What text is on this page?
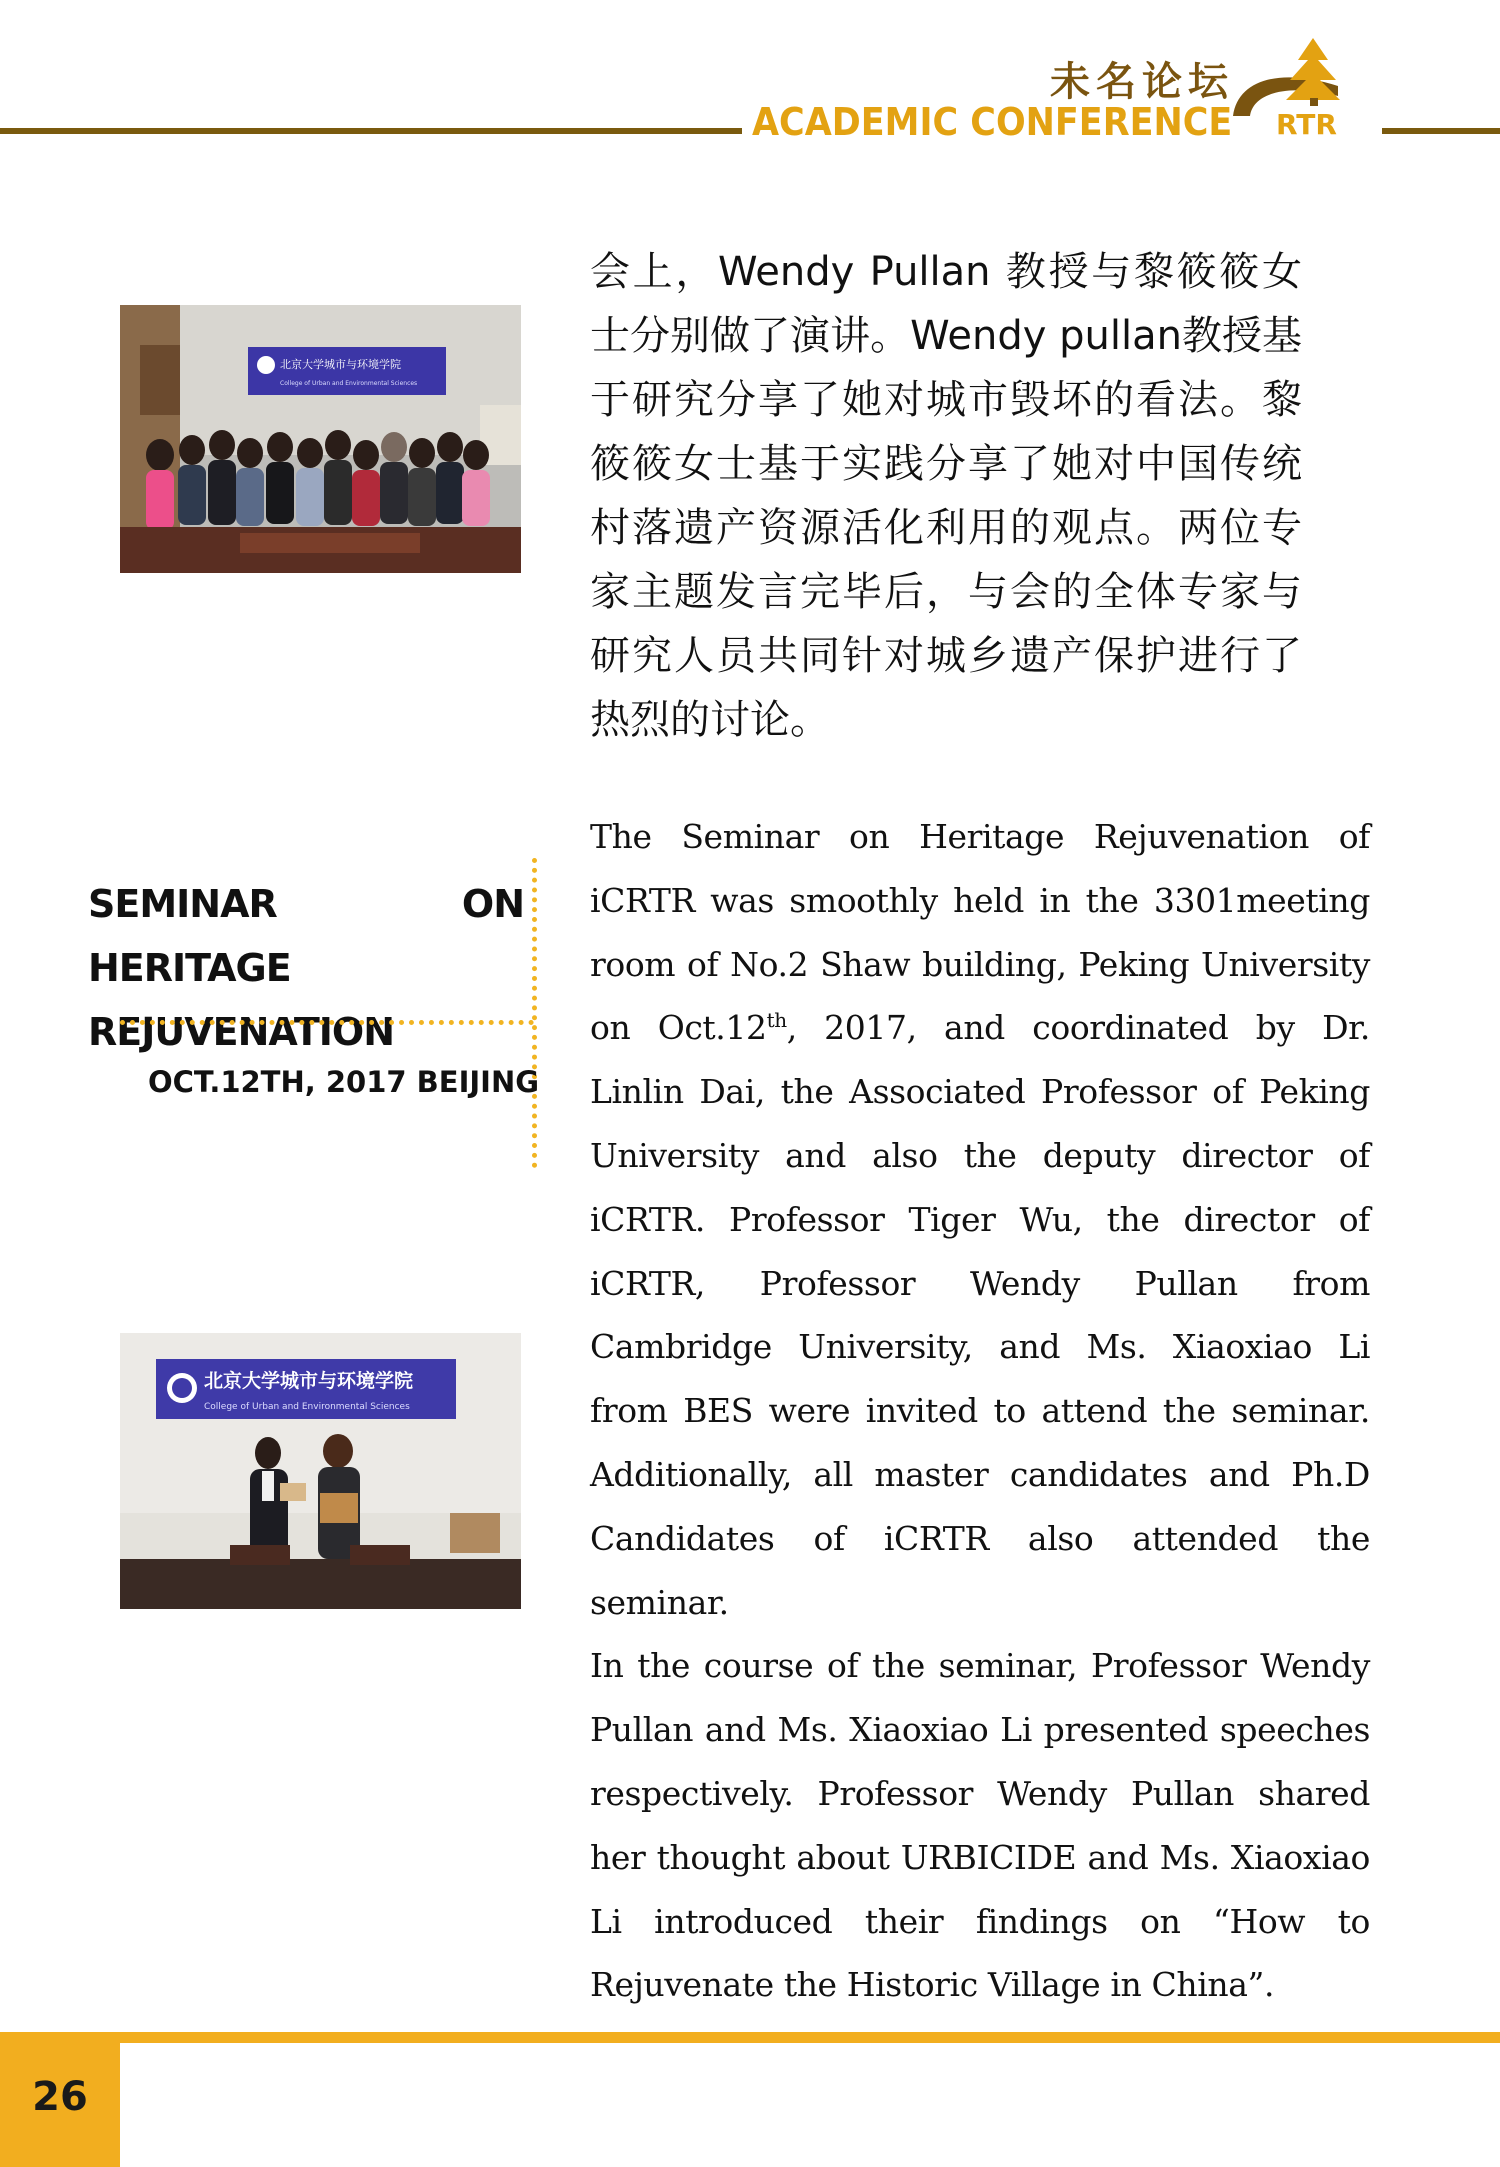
未名论坛
ACADEMIC CONFERENCE RTR
北京大学城市与环境学院
College of Urban and Environmental Sciences
会上，Wendy Pullan 教授与黎筱筱女士分别做了演讲。Wendy pullan教授基于研究分享了她对城市毁坏的看法。黎筱筱女士基于实践分享了她对中国传统村落遗产资源活化利用的观点。两位专家主题发言完毕后，与会的全体专家与研究人员共同针对城乡遗产保护进行了热烈的讨论。
SEMINAR ON HERITAGE
REJUVENATION
OCT.12TH, 2017 BEIJING

The Seminar on Heritage Rejuvenation of iCRTR was smoothly held in the 3301meeting room of No.2 Shaw building, Peking University on Oct.12th, 2017, and coordinated by Dr. Linlin Dai, the Associated Professor of Peking University and also the deputy director of iCRTR. Professor Tiger Wu, the director of iCRTR, Professor Wendy Pullan from Cambridge University, and Ms. Xiaoxiao Li from BES were invited to attend the seminar. Additionally, all master candidates and Ph.D Candidates of iCRTR also attended the seminar.

In the course of the seminar, Professor Wendy Pullan and Ms. Xiaoxiao Li presented speeches respectively. Professor Wendy Pullan shared her thought about URBICIDE and Ms. Xiaoxiao Li introduced their findings on “How to Rejuvenate the Historic Village in China”.

北京大学城市与环境学院
College of Urban and Environmental Sciences
26
